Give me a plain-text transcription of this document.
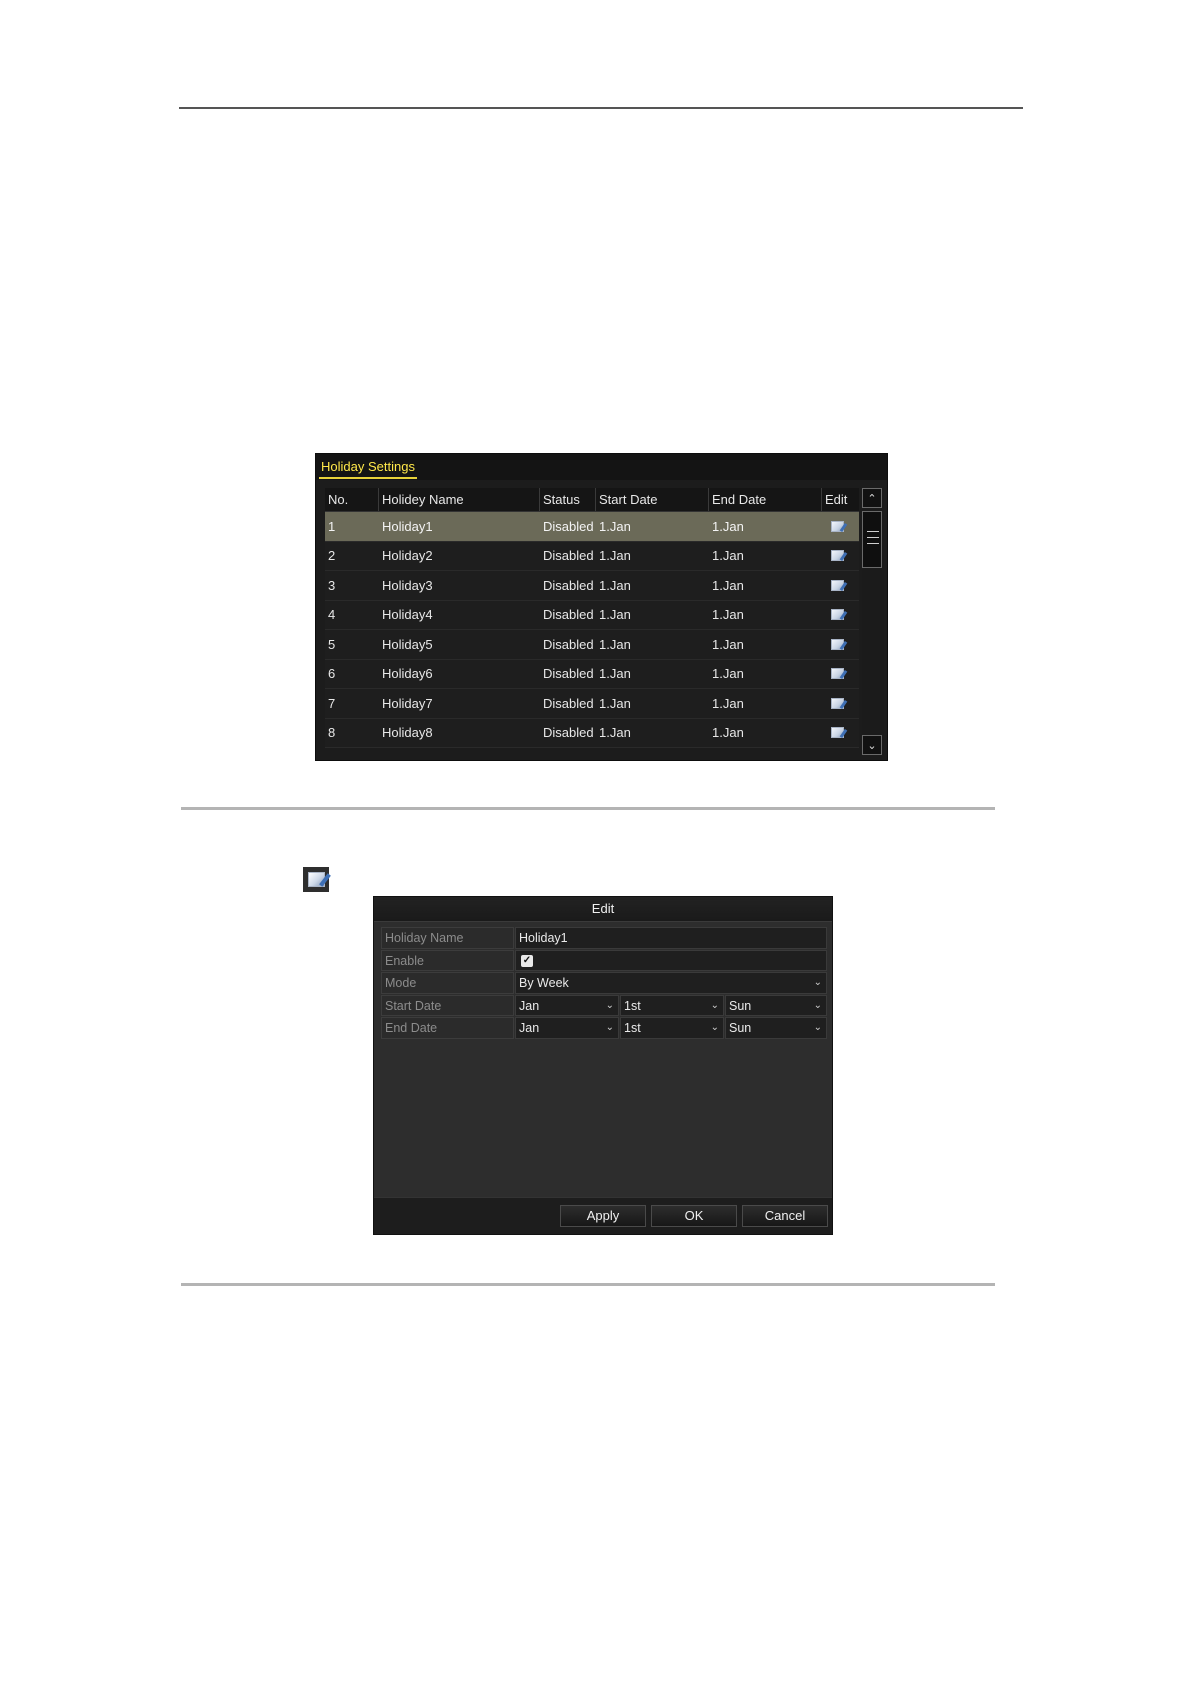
Holiday Settings
No.	Holidey Name	Status	Start Date	End Date	Edit
1	Holiday1	Disabled 1.Jan	1.Jan
2	Holiday2	Disabled 1.Jan	1.Jan
3	Holiday3	Disabled 1.Jan	1.Jan
4	Holiday4	Disabled 1.Jan	1.Jan
5	Holiday5	Disabled 1.Jan	1.Jan
6	Holiday6	Disabled 1.Jan	1.Jan
7	Holiday7	Disabled 1.Jan	1.Jan
8	Holiday8	Disabled 1.Jan	1.Jan
⌃
⌄
Edit
Holiday Name	Holiday1
Enable	✓
Mode	By Week	⌄
Start Date	Jan	⌄ 1st	⌄ Sun	⌄
End Date	Jan	⌄ 1st	⌄ Sun	⌄
Apply	OK	Cancel
